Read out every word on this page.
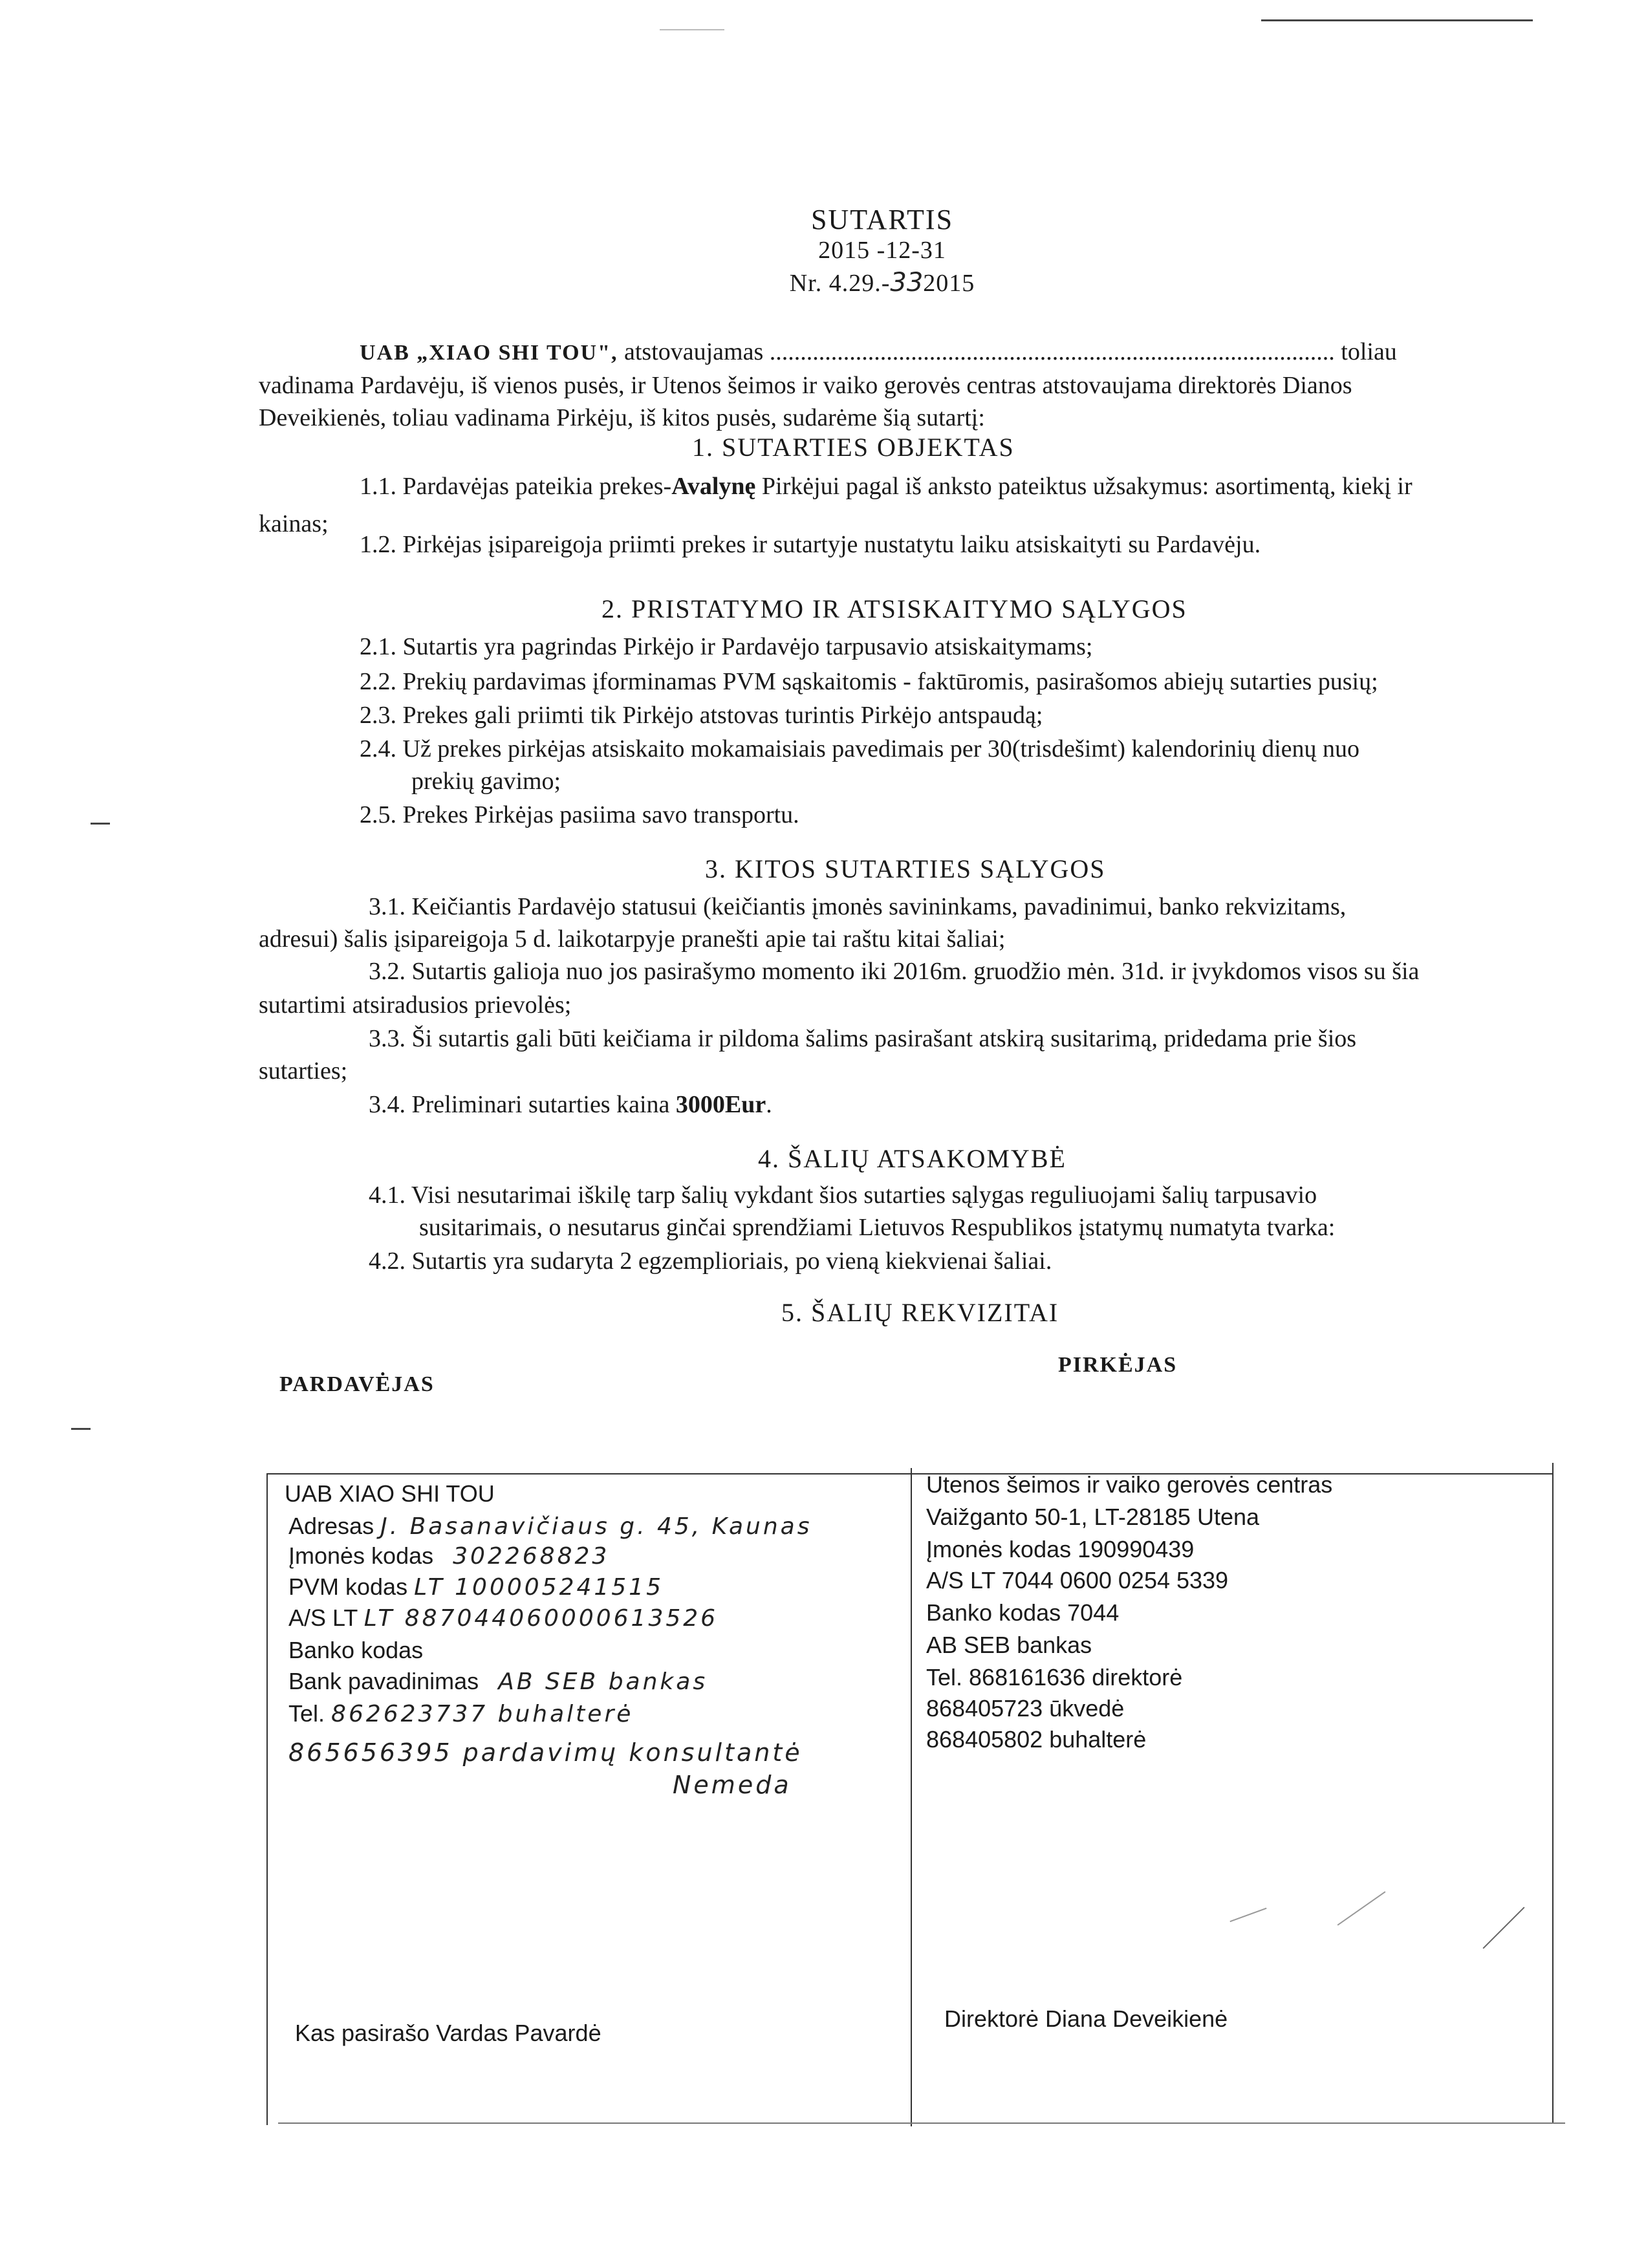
SUTARTIS
2015 -12-31
Nr. 4.29.-332015
UAB „XIAO SHI TOU", atstovaujamas ............................................................................................ toliau
vadinama Pardavėju, iš vienos pusės, ir Utenos šeimos ir vaiko gerovės centras atstovaujama direktorės Dianos
Deveikienės, toliau vadinama Pirkėju, iš kitos pusės, sudarėme šią sutartį:
1. SUTARTIES OBJEKTAS
1.1. Pardavėjas pateikia prekes-Avalynę Pirkėjui pagal iš anksto pateiktus užsakymus: asortimentą, kiekį ir
kainas;
1.2. Pirkėjas įsipareigoja priimti prekes ir sutartyje nustatytu laiku atsiskaityti su Pardavėju.
2. PRISTATYMO IR ATSISKAITYMO SĄLYGOS
2.1. Sutartis yra pagrindas Pirkėjo ir Pardavėjo tarpusavio atsiskaitymams;
2.2. Prekių pardavimas įforminamas PVM sąskaitomis - faktūromis, pasirašomos abiejų sutarties pusių;
2.3. Prekes gali priimti tik Pirkėjo atstovas turintis Pirkėjo antspaudą;
2.4. Už prekes pirkėjas atsiskaito mokamaisiais pavedimais per 30(trisdešimt) kalendorinių dienų nuo
prekių gavimo;
2.5. Prekes Pirkėjas pasiima savo transportu.
3. KITOS SUTARTIES SĄLYGOS
3.1. Keičiantis Pardavėjo statusui (keičiantis įmonės savininkams, pavadinimui, banko rekvizitams,
adresui) šalis įsipareigoja 5 d. laikotarpyje pranešti apie tai raštu kitai šaliai;
3.2. Sutartis galioja nuo jos pasirašymo momento iki 2016m. gruodžio mėn. 31d. ir įvykdomos visos su šia
sutartimi atsiradusios prievolės;
3.3. Ši sutartis gali būti keičiama ir pildoma šalims pasirašant atskirą susitarimą, pridedama prie šios
sutarties;
3.4. Preliminari sutarties kaina 3000Eur.
4. ŠALIŲ ATSAKOMYBĖ
4.1. Visi nesutarimai iškilę tarp šalių vykdant šios sutarties sąlygas reguliuojami šalių tarpusavio
susitarimais, o nesutarus ginčai sprendžiami Lietuvos Respublikos įstatymų numatyta tvarka:
4.2. Sutartis yra sudaryta 2 egzemplioriais, po vieną kiekvienai šaliai.
5. ŠALIŲ REKVIZITAI
PARDAVĖJAS
PIRKĖJAS
UAB XIAO SHI TOU
Adresas J. Basanavičiaus g. 45, Kaunas
Įmonės kodas 302268823
PVM kodas LT 100005241515
A/S LT LT 887044060000613526
Banko kodas
Bank pavadinimas AB SEB bankas
Tel. 862623737 buhalterė
865656395 pardavimų konsultantė
Nemeda
Kas pasirašo Vardas Pavardė
Utenos šeimos ir vaiko gerovės centras
Vaižganto 50-1, LT-28185 Utena
Įmonės kodas 190990439
A/S LT 7044 0600 0254 5339
Banko kodas 7044
AB SEB bankas
Tel. 868161636 direktorė
868405723 ūkvedė
868405802 buhalterė
Direktorė Diana Deveikienė
